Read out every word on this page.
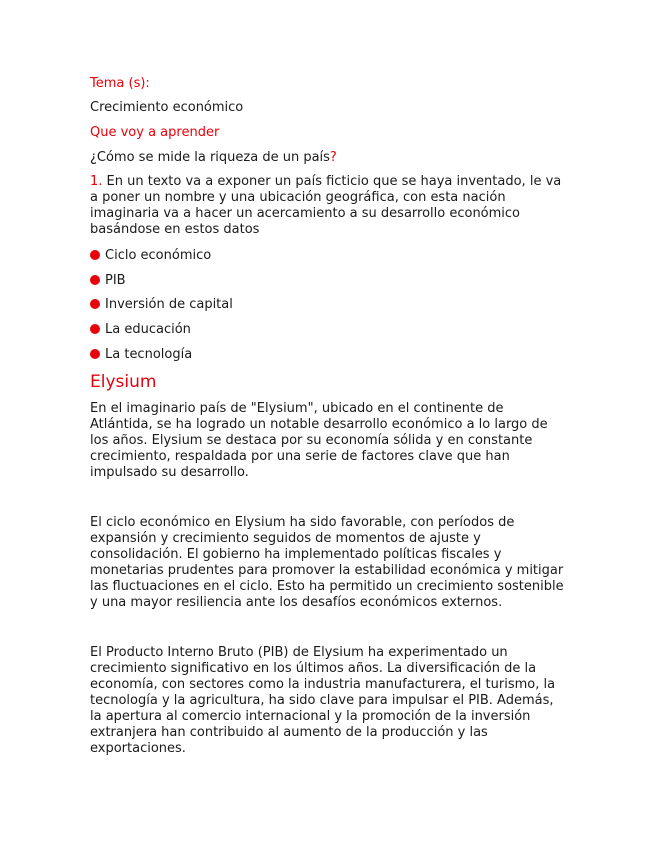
Tema (s):
Crecimiento económico
Que voy a aprender
¿Cómo se mide la riqueza de un país?
1. En un texto va a exponer un país ficticio que se haya inventado, le va
a poner un nombre y una ubicación geográfica, con esta nación
imaginaria va a hacer un acercamiento a su desarrollo económico
basándose en estos datos
Ciclo económico
PIB
Inversión de capital
La educación
La tecnología
Elysium
En el imaginario país de "Elysium", ubicado en el continente de
Atlántida, se ha logrado un notable desarrollo económico a lo largo de
los años. Elysium se destaca por su economía sólida y en constante
crecimiento, respaldada por una serie de factores clave que han
impulsado su desarrollo.
El ciclo económico en Elysium ha sido favorable, con períodos de
expansión y crecimiento seguidos de momentos de ajuste y
consolidación. El gobierno ha implementado políticas fiscales y
monetarias prudentes para promover la estabilidad económica y mitigar
las fluctuaciones en el ciclo. Esto ha permitido un crecimiento sostenible
y una mayor resiliencia ante los desafíos económicos externos.
El Producto Interno Bruto (PIB) de Elysium ha experimentado un
crecimiento significativo en los últimos años. La diversificación de la
economía, con sectores como la industria manufacturera, el turismo, la
tecnología y la agricultura, ha sido clave para impulsar el PIB. Además,
la apertura al comercio internacional y la promoción de la inversión
extranjera han contribuido al aumento de la producción y las
exportaciones.
